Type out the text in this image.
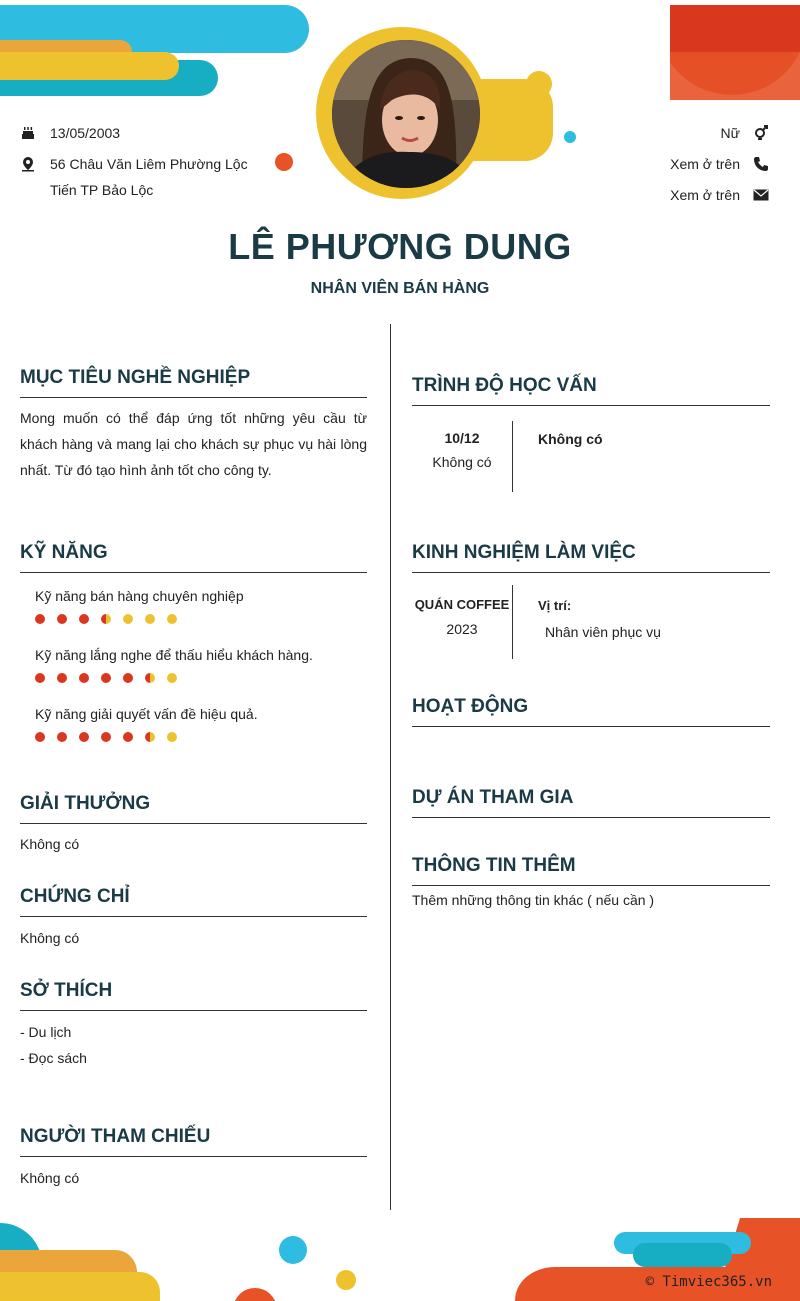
13/05/2003
56 Châu Văn Liêm Phường Lộc
Tiến TP Bảo Lộc
Nữ
Xem ở trên
Xem ở trên
LÊ PHƯƠNG DUNG
NHÂN VIÊN BÁN HÀNG
MỤC TIÊU NGHỀ NGHIỆP
Mong muốn có thể đáp ứng tốt những yêu cầu từ khách hàng và mang lại cho khách sự phục vụ hài lòng nhất. Từ đó tạo hình ảnh tốt cho công ty.
KỸ NĂNG
Kỹ năng bán hàng chuyên nghiệp
Kỹ năng lắng nghe để thấu hiểu khách hàng.
Kỹ năng giải quyết vấn đề hiệu quả.
GIẢI THƯỞNG
Không có
CHỨNG CHỈ
Không có
SỞ THÍCH
- Du lịch
- Đọc sách
NGƯỜI THAM CHIẾU
Không có
TRÌNH ĐỘ HỌC VẤN
10/12
Không có
Không có
KINH NGHIỆM LÀM VIỆC
QUÁN COFFEE
2023
Vị trí:
Nhân viên phục vụ
HOẠT ĐỘNG
DỰ ÁN THAM GIA
THÔNG TIN THÊM
Thêm những thông tin khác ( nếu cần )
© Timviec365.vn
